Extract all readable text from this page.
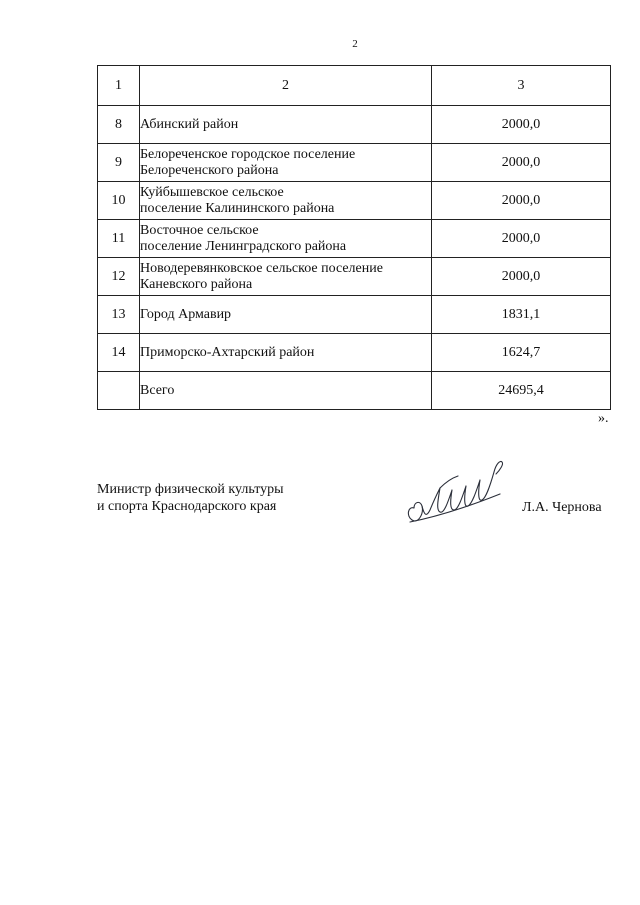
2
1	2	3
8	Абинский район	2000,0
9	Белореченское городское поселение
Белореченского района	2000,0
10	Куйбышевское сельское
поселение Калининского района	2000,0
11	Восточное сельское
поселение Ленинградского района	2000,0
12	Новодеревянковское сельское поселение
Каневского района	2000,0
13	Город Армавир	1831,1
14	Приморско-Ахтарский район	1624,7
	Всего	24695,4
».
Министр физической культуры
и спорта Краснодарского края	Л.А. Чернова
